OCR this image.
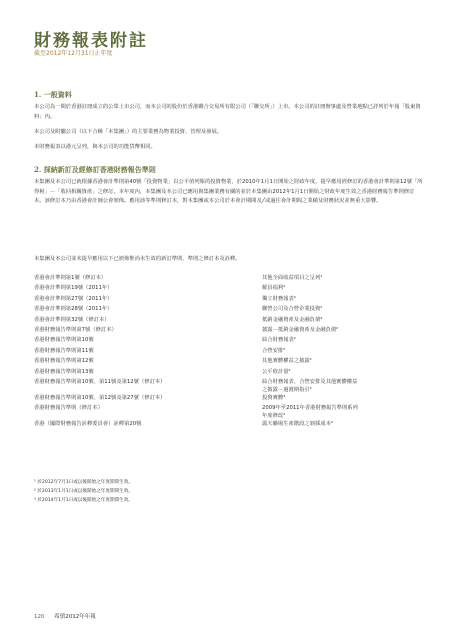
財務報表附註
截至2012年12月31日止年度
1. 一般資料
本公司為一間於香港註冊成立的公眾上市公司，而本公司的股份於香港聯合交易所有限公司（「聯交所」）上市。本公司的註冊辦事處及營業地點已詳列於年報「股東資料」內。
本公司及附屬公司（以下合稱「本集團」）的主要業務為物業投資、管理及發展。
本財務報表以港元呈列，與本公司的功能貨幣相同。
2. 採納新訂及經修訂香港財務報告準則
本集團及本公司已就根據香港會計準則第40號「投資物業」以公平值列賬的投資物業，於2010年1月1日開始之財政年度，提早應用經修訂的香港會計準則第12號「所得稅」－「收回相關資產」之修訂。本年度內，本集團及本公司已應用與集團業務有關的並於本集團由2012年1月1日開始之財政年度生效之香港財務報告準則修訂本。該修訂本乃由香港會計師公會頒佈。應用該等準則修訂本，對本集團或本公司於本會計期間及╱或過往會計期間之業績及財務狀況並無重大影響。
本集團及本公司並未提早應用以下已頒佈惟尚未生效的新訂準則、準則之修訂本及詮釋。
香港會計準則第1號（修訂本）	其他全面收益項目之呈列¹
香港會計準則第19號（2011年）	僱員福利²
香港會計準則第27號（2011年）	獨立財務報表²
香港會計準則第28號（2011年）	聯營公司及合營企業投資²
香港會計準則第32號（修訂本）	抵銷金融資產及金融負債³
香港財務報告準則第7號（修訂本）	披露－抵銷金融資產及金融負債²
香港財務報告準則第10號	綜合財務報表²
香港財務報告準則第11號	合營安排²
香港財務報告準則第12號	其他實體權益之披露²
香港財務報告準則第13號	公平值計量²
香港財務報告準則第10號、第11號及第12號（修訂本）	綜合財務報表、合營安排及其他實體權益
之披露－過渡期指引²
香港財務報告準則第10號、第12號及第27號（修訂本）	投資實體³
香港財務報告準則（修訂本）	2009年至2011年香港財務報告準則系列
年度修改²
香港（國際財務報告詮釋委員會）詮釋第20號	露天礦場生產階段之剝採成本²
¹ 於2012年7月1日或以後開始之年度期間生效。
² 於2013年1月1日或以後開始之年度期間生效。
³ 於2014年1月1日或以後開始之年度期間生效。
120 希慎2012年年報
